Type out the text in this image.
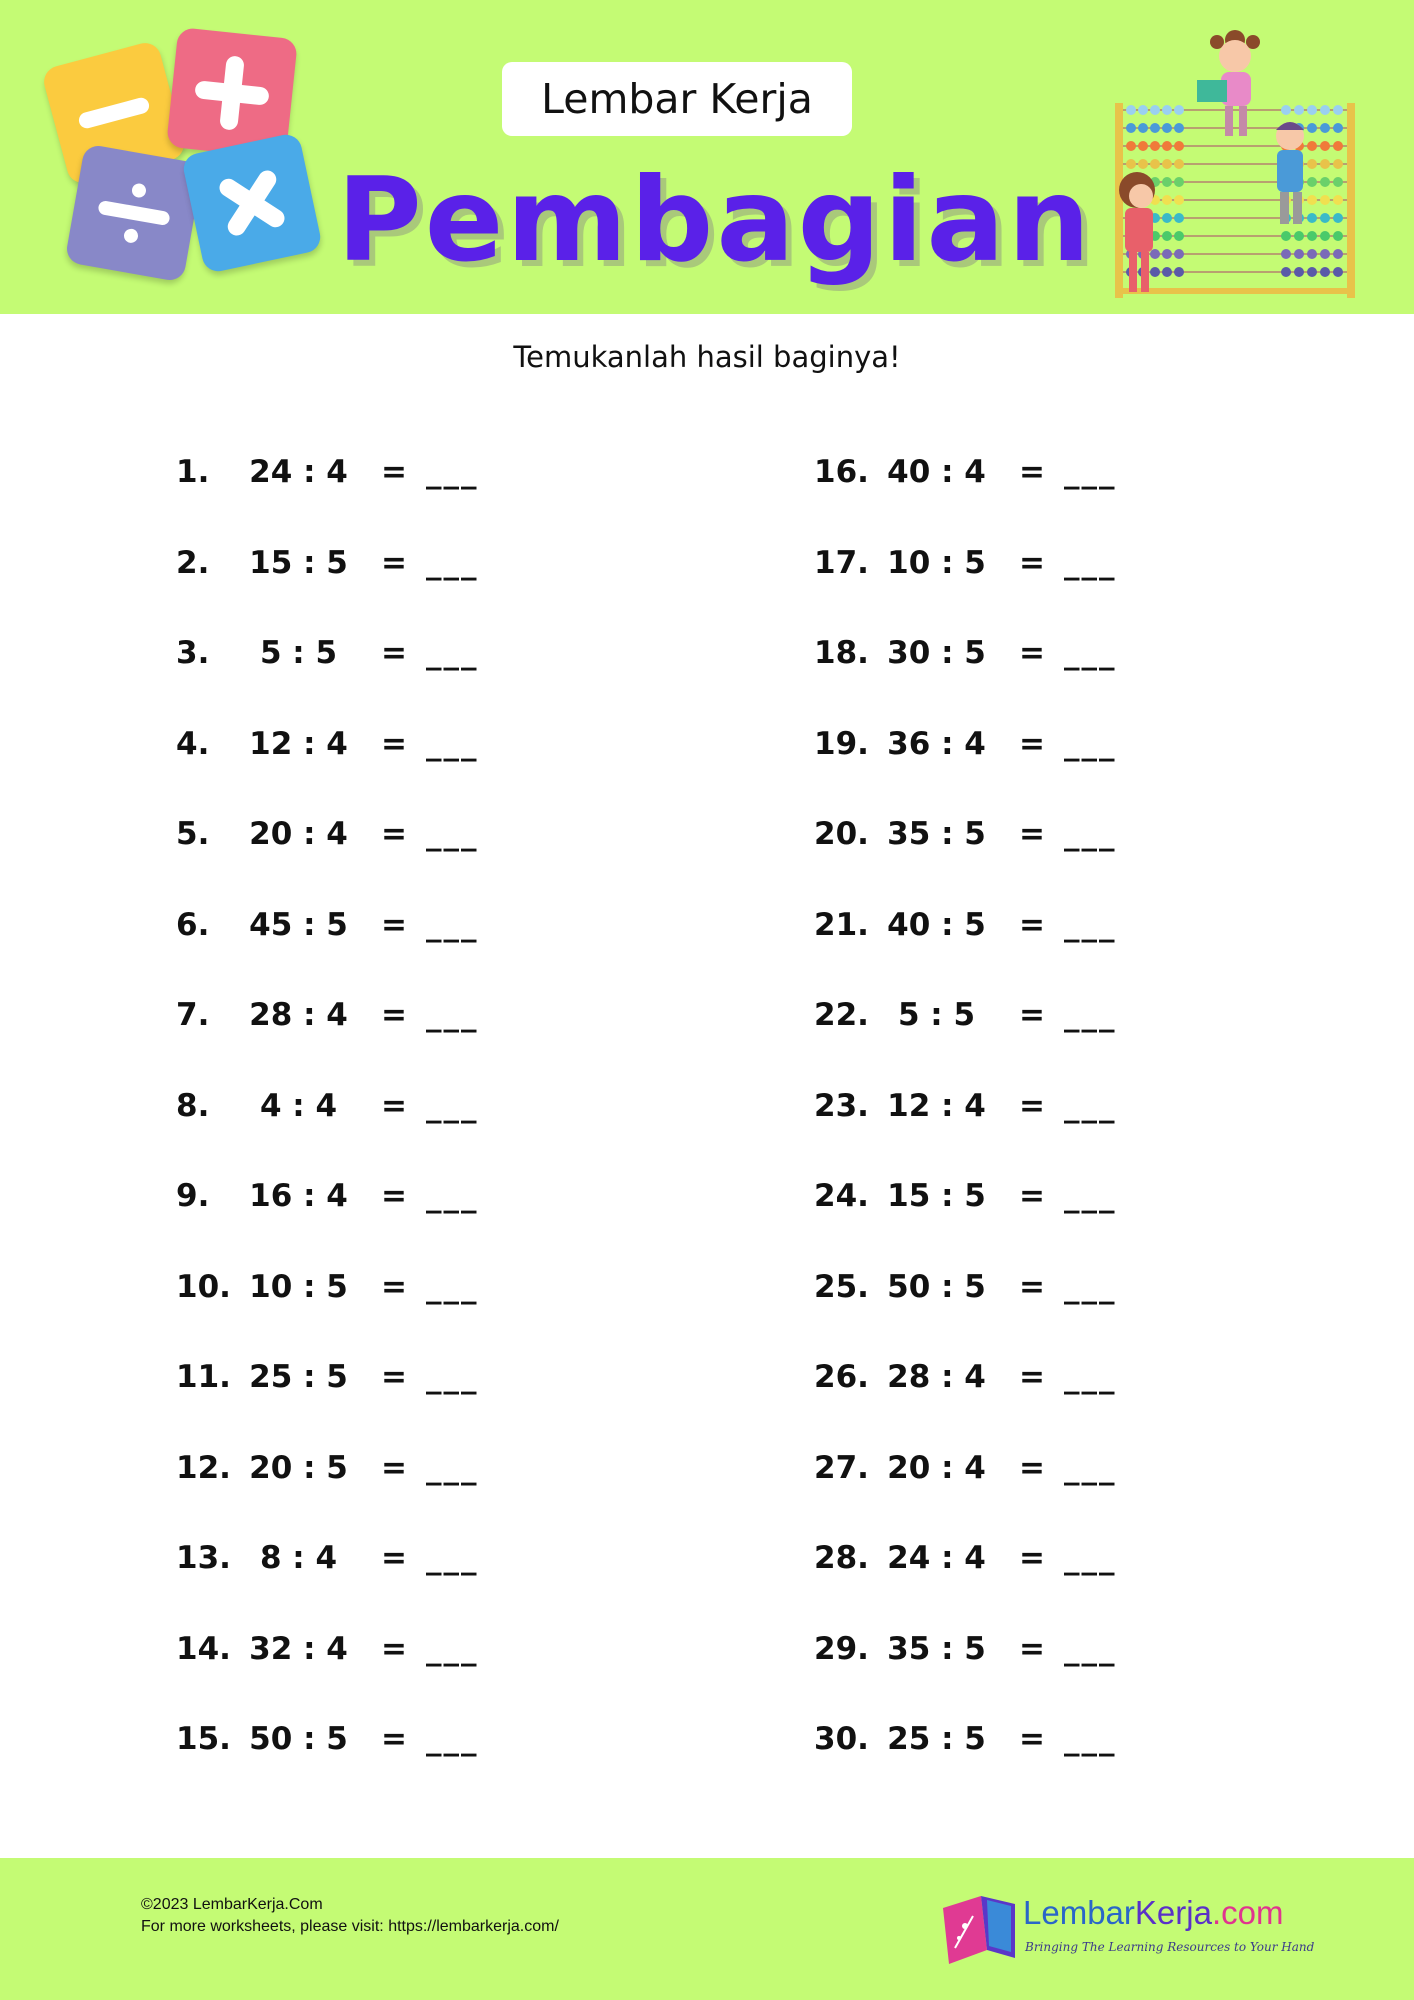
Lembar Kerja
Pembagian
Temukanlah hasil baginya!
1.	24 : 4	= ___
2.	15 : 5	= ___
3.	5 : 5	= ___
4.	12 : 4	= ___
5.	20 : 4	= ___
6.	45 : 5	= ___
7.	28 : 4	= ___
8.	4 : 4	= ___
9.	16 : 4	= ___
10. 10 : 5	= ___
11. 25 : 5	= ___
12. 20 : 5	= ___
13. 8 : 4	= ___
14. 32 : 4	= ___
15. 50 : 5	= ___
16. 40 : 4	= ___
17. 10 : 5	= ___
18. 30 : 5	= ___
19. 36 : 4	= ___
20. 35 : 5	= ___
21. 40 : 5	= ___
22. 5 : 5	= ___
23. 12 : 4	= ___
24. 15 : 5	= ___
25. 50 : 5	= ___
26. 28 : 4	= ___
27. 20 : 4	= ___
28. 24 : 4	= ___
29. 35 : 5	= ___
30. 25 : 5	= ___
©2023 LembarKerja.Com
For more worksheets, please visit: https://lembarkerja.com/	LembarKerja.com
Bringing The Learning Resources to Your Hand
